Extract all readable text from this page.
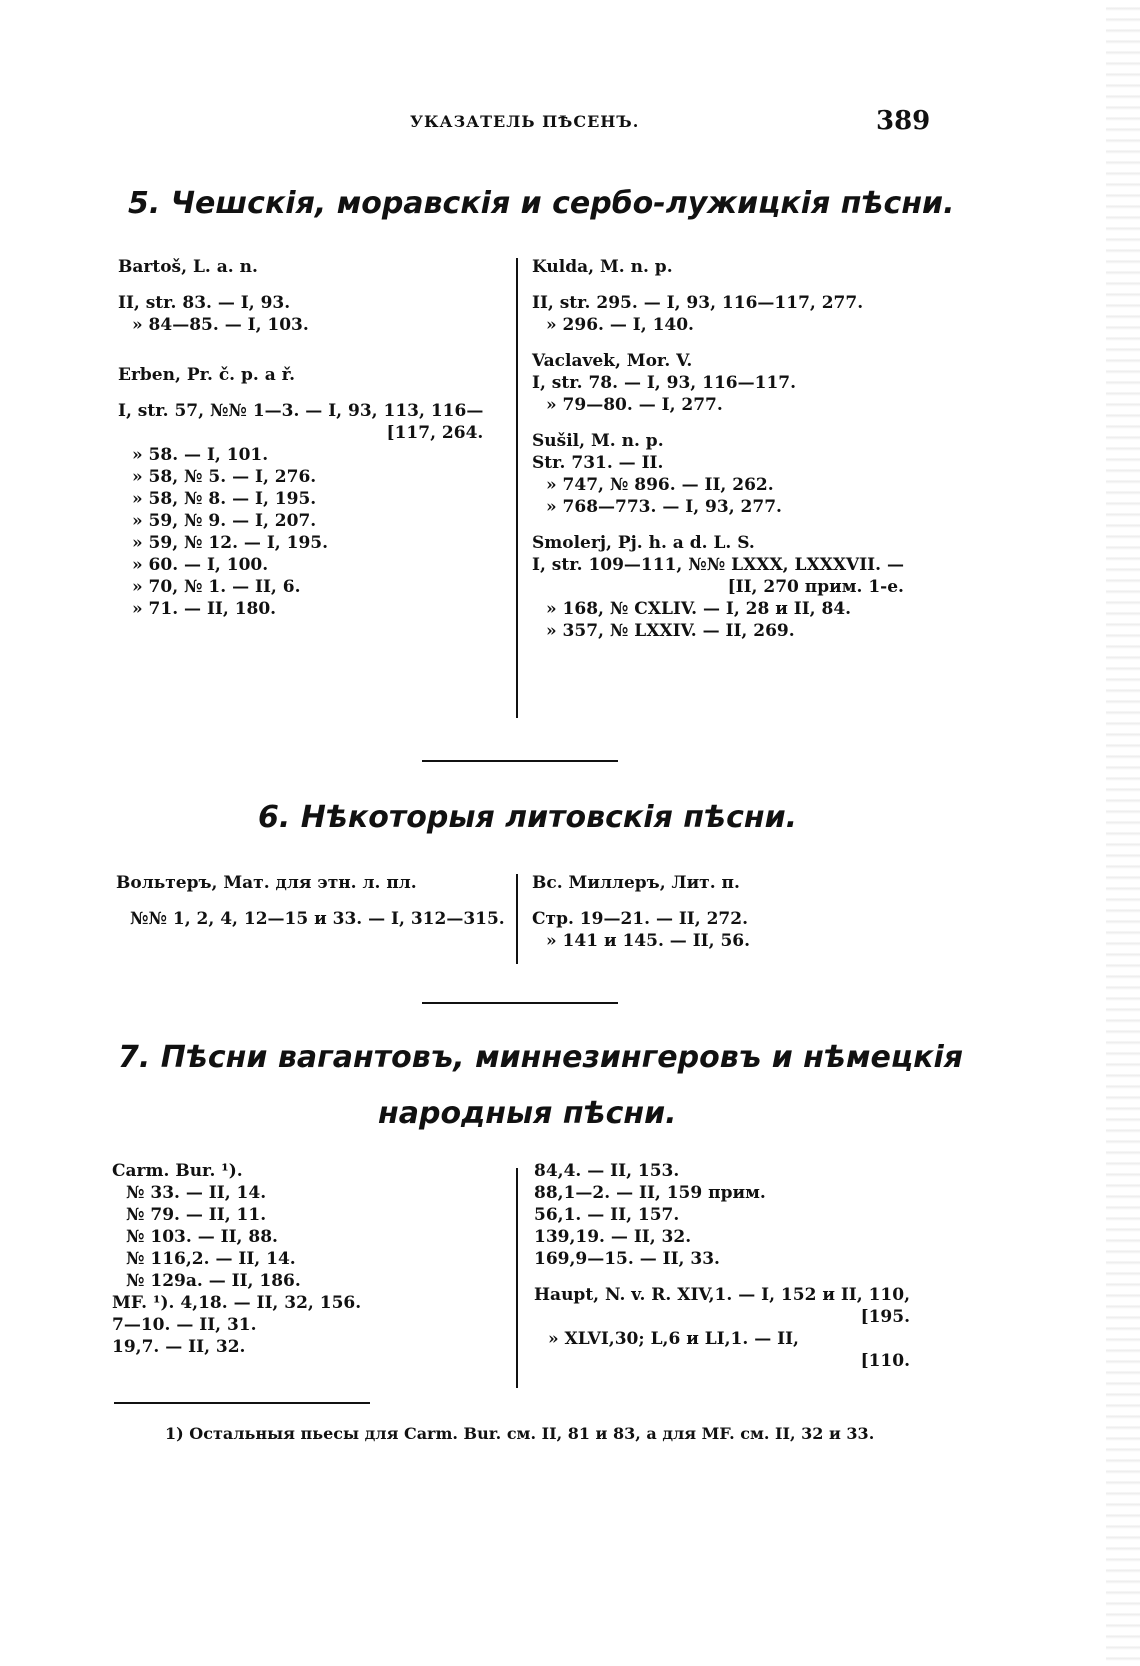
УКАЗАТЕЛЬ ПѢСЕНЪ.	389
5. Чешскія, моравскія и сербо-лужицкія пѣсни.
Bartoš, L. a. n.
II, str. 83. — I, 93.
» 84—85. — I, 103.
Erben, Pr. č. p. a ř.
I, str. 57, №№ 1—3. — I, 93, 113, 116—
[117, 264.
» 58. — I, 101.
» 58, № 5. — I, 276.
» 58, № 8. — I, 195.
» 59, № 9. — I, 207.
» 59, № 12. — I, 195.
» 60. — I, 100.
» 70, № 1. — II, 6.
» 71. — II, 180.
Kulda, M. n. p.
II, str. 295. — I, 93, 116—117, 277.
» 296. — I, 140.
Vaclavek, Mor. V.
I, str. 78. — I, 93, 116—117.
» 79—80. — I, 277.
Sušil, M. n. p.
Str. 731. — II.
» 747, № 896. — II, 262.
» 768—773. — I, 93, 277.
Smolerj, Pj. h. a d. L. S.
I, str. 109—111, №№ LXXX, LXXXVII. —
[II, 270 прим. 1-е.
» 168, № CXLIV. — I, 28 и II, 84.
» 357, № LXXIV. — II, 269.
6. Нѣкоторыя литовскія пѣсни.
Вольтеръ, Мат. для этн. л. пл.
№№ 1, 2, 4, 12—15 и 33. — I, 312—315.
Вс. Миллеръ, Лит. п.
Стр. 19—21. — II, 272.
» 141 и 145. — II, 56.
7. Пѣсни вагантовъ, миннезингеровъ и нѣмецкія
народныя пѣсни.
Carm. Bur. ¹).
№ 33. — II, 14.
№ 79. — II, 11.
№ 103. — II, 88.
№ 116,2. — II, 14.
№ 129a. — II, 186.
MF. ¹). 4,18. — II, 32, 156.
7—10. — II, 31.
19,7. — II, 32.
84,4. — II, 153.
88,1—2. — II, 159 прим.
56,1. — II, 157.
139,19. — II, 32.
169,9—15. — II, 33.
Haupt, N. v. R. XIV,1. — I, 152 и II, 110,
[195.
» XLVI,30; L,6 и LI,1. — II,
[110.
1) Остальныя пьесы для Carm. Bur. см. II, 81 и 83, а для MF. см. II, 32 и 33.
